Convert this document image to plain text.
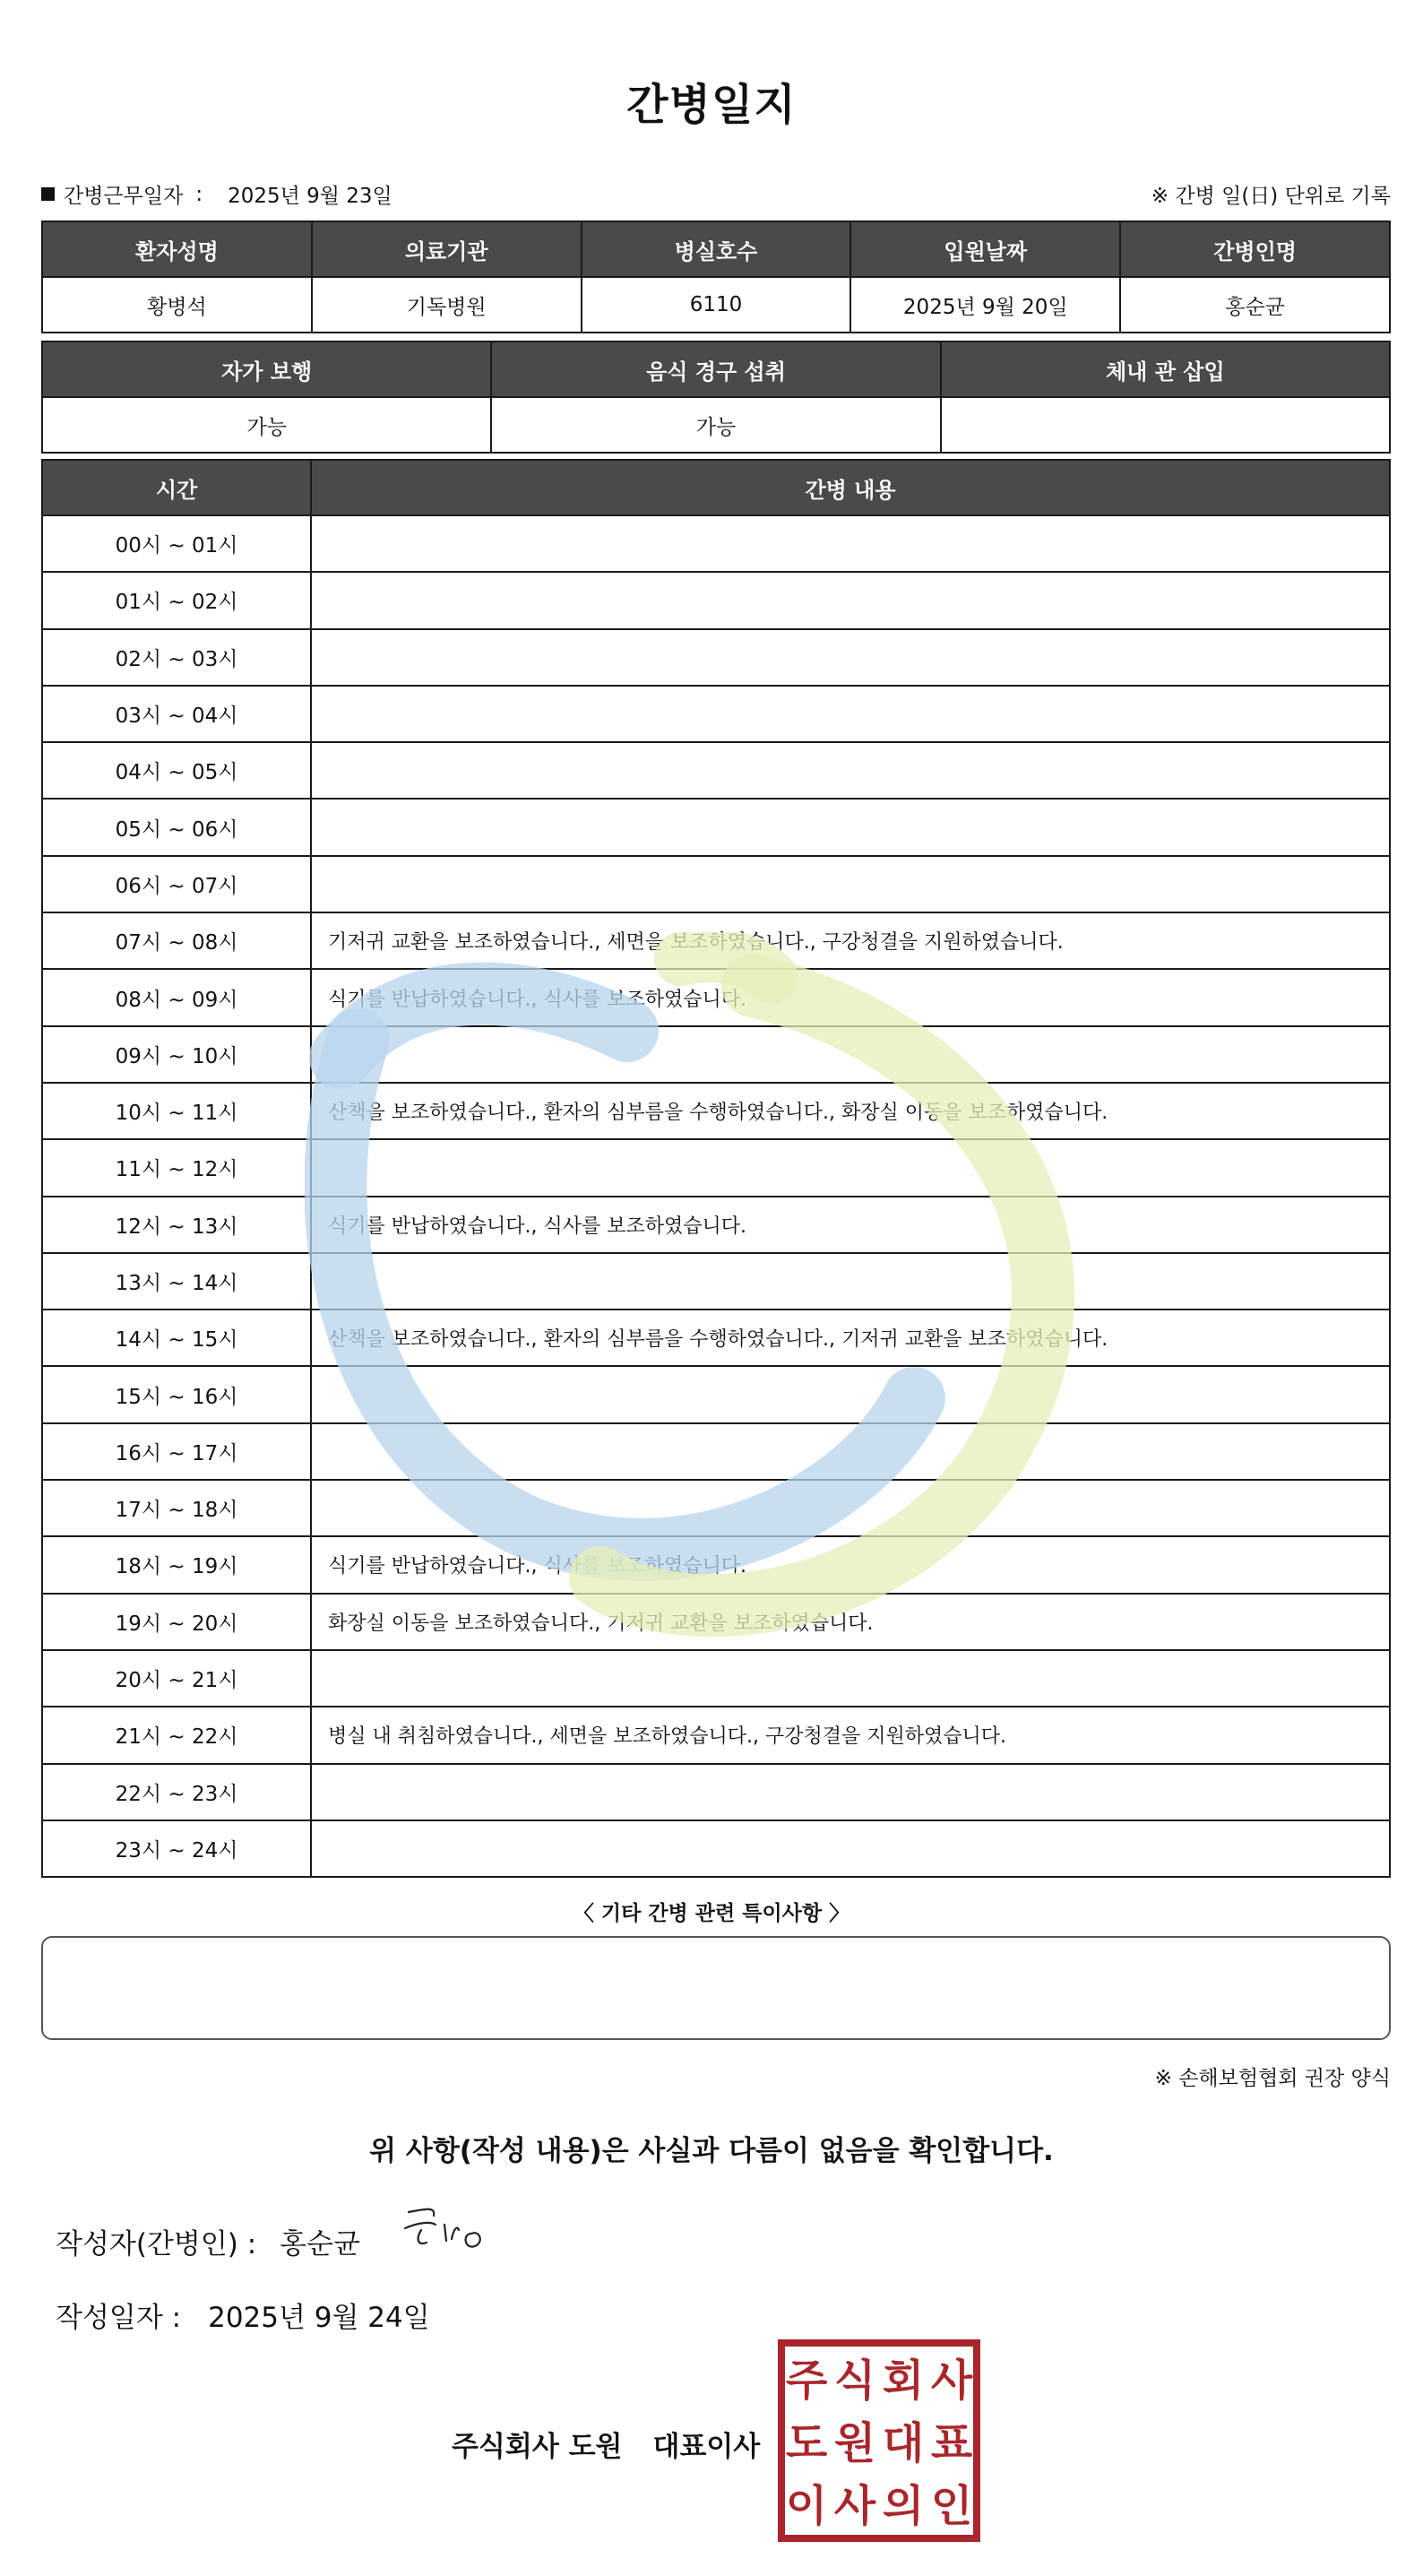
간병일지
간병근무일자 : 2025년 9월 23일	※ 간병 일(日) 단위로 기록
환자성명	의료기관	병실호수	입원날짜	간병인명
황병석	기독병원	6110	2025년 9월 20일	홍순균
자가 보행	음식 경구 섭취	체내 관 삽입
가능	가능	
시간	간병 내용
00시 ~ 01시	
01시 ~ 02시	
02시 ~ 03시	
03시 ~ 04시	
04시 ~ 05시	
05시 ~ 06시	
06시 ~ 07시	
07시 ~ 08시	기저귀 교환을 보조하였습니다., 세면을 보조하였습니다., 구강청결을 지원하였습니다.
08시 ~ 09시	식기를 반납하였습니다., 식사를 보조하였습니다.
09시 ~ 10시	
10시 ~ 11시	산책을 보조하였습니다., 환자의 심부름을 수행하였습니다., 화장실 이동을 보조하였습니다.
11시 ~ 12시	
12시 ~ 13시	식기를 반납하였습니다., 식사를 보조하였습니다.
13시 ~ 14시	
14시 ~ 15시	산책을 보조하였습니다., 환자의 심부름을 수행하였습니다., 기저귀 교환을 보조하였습니다.
15시 ~ 16시	
16시 ~ 17시	
17시 ~ 18시	
18시 ~ 19시	식기를 반납하였습니다., 식사를 보조하였습니다.
19시 ~ 20시	화장실 이동을 보조하였습니다., 기저귀 교환을 보조하였습니다.
20시 ~ 21시	
21시 ~ 22시	병실 내 취침하였습니다., 세면을 보조하였습니다., 구강청결을 지원하였습니다.
22시 ~ 23시	
23시 ~ 24시	
〈 기타 간병 관련 특이사항 〉
※ 손해보험협회 권장 양식
위 사항(작성 내용)은 사실과 다름이 없음을 확인합니다.
작성자(간병인) : 홍순균
작성일자 : 2025년 9월 24일
주식회사 도원 대표이사
주 식 회 사
도 원 대 표
이 사 의 인
